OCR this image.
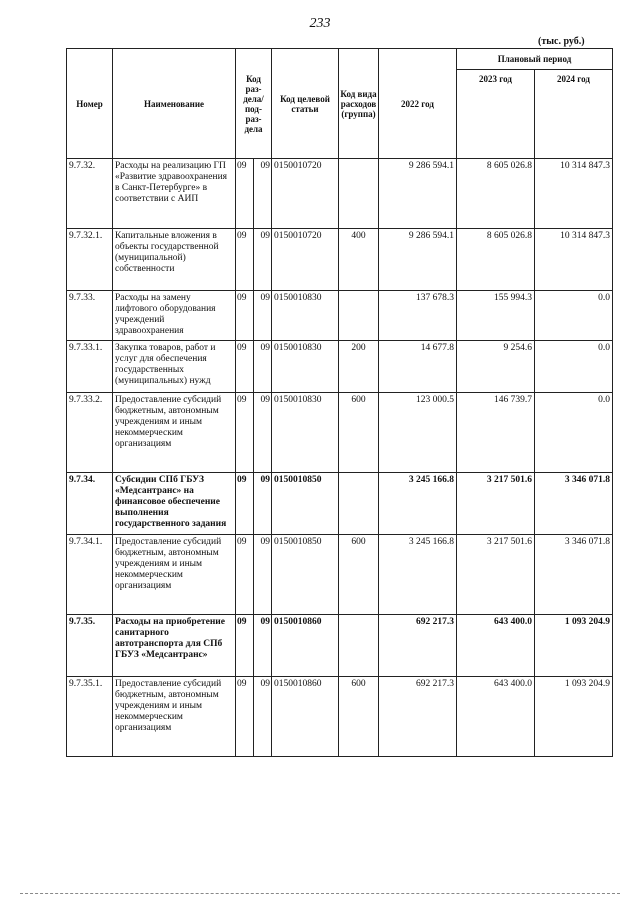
233
(тыс. руб.)
Номер	Наименование	Код раз-дела/ под-раз-дела		Код целевой статьи	Код вида расходов (группа)	2022 год	Плановый период	
							2023 год	2024 год
9.7.32.	Расходы на реализацию ГП «Развитие здравоохранения в Санкт-Петербурге» в соответствии с АИП	09	09	0150010720		9 286 594.1	8 605 026.8	10 314 847.3
9.7.32.1.	Капитальные вложения в объекты государственной (муниципальной) собственности	09	09	0150010720	400	9 286 594.1	8 605 026.8	10 314 847.3
9.7.33.	Расходы на замену лифтового оборудования учреждений здравоохранения	09	09	0150010830		137 678.3	155 994.3	0.0
9.7.33.1.	Закупка товаров, работ и услуг для обеспечения государственных (муниципальных) нужд	09	09	0150010830	200	14 677.8	9 254.6	0.0
9.7.33.2.	Предоставление субсидий бюджетным, автономным учреждениям и иным некоммерческим организациям	09	09	0150010830	600	123 000.5	146 739.7	0.0
9.7.34.	Субсидии СПб ГБУЗ «Медсантранс» на финансовое обеспечение выполнения государственного задания	09	09	0150010850		3 245 166.8	3 217 501.6	3 346 071.8
9.7.34.1.	Предоставление субсидий бюджетным, автономным учреждениям и иным некоммерческим организациям	09	09	0150010850	600	3 245 166.8	3 217 501.6	3 346 071.8
9.7.35.	Расходы на приобретение санитарного автотранспорта для СПб ГБУЗ «Медсантранс»	09	09	0150010860		692 217.3	643 400.0	1 093 204.9
9.7.35.1.	Предоставление субсидий бюджетным, автономным учреждениям и иным некоммерческим организациям	09	09	0150010860	600	692 217.3	643 400.0	1 093 204.9
